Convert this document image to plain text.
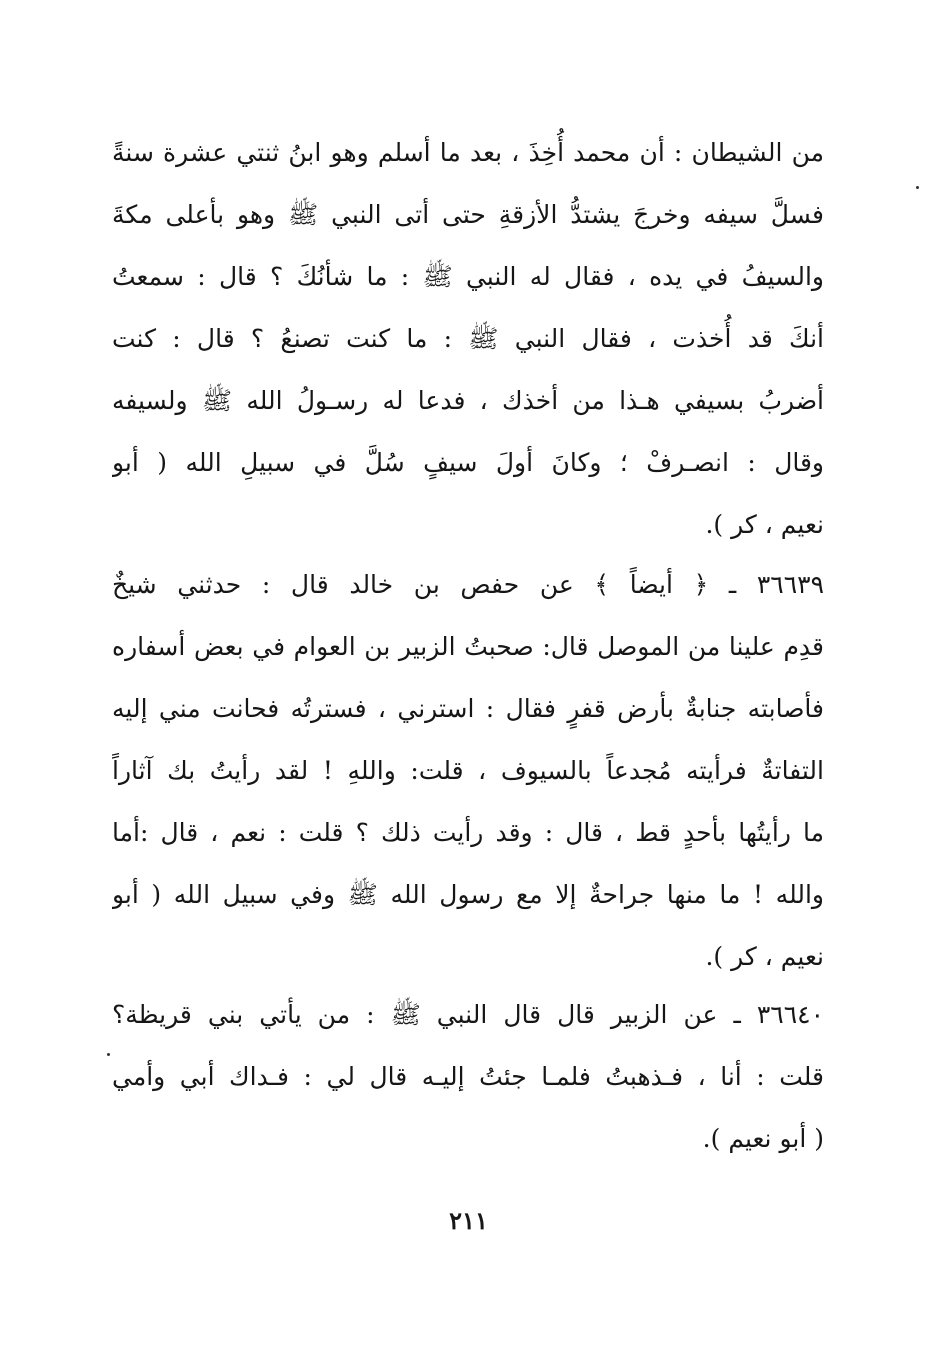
من الشيطان : أن محمد أُخِذَ ، بعد ما أسلم وهو ابنُ ثنتي عشرة سنةً
فسلَّ سيفه وخرجَ يشتدُّ الأزقةِ حتى أتى النبي ﷺ وهو بأعلى مكةَ
والسيفُ في يده ، فقال له النبي ﷺ : ما شأنُكَ ؟ قال : سمعتُ
أنكَ قد أُخذت ، فقال النبي ﷺ : ما كنت تصنعُ ؟ قال : كنت
أضربُ بسيفي هـذا من أخذك ، فدعا له رسـولُ الله ﷺ ولسيفه
وقال : انصـرفْ ؛ وكانَ أولَ سيفٍ سُلَّ في سبيلِ الله ( أبو
نعيم ، كر ).
٣٦٦٣٩ ـ ﴿ أيضاً ﴾ عن حفص بن خالد قال : حدثني شيخٌ
قدِم علينا من الموصل قال: صحبتُ الزبير بن العوام في بعض أسفاره
فأصابته جنابةٌ بأرض قفرٍ فقال : استرني ، فسترتُه فحانت مني إليه
التفاتةٌ فرأيته مُجدعاً بالسيوف ، قلت: واللهِ ! لقد رأيتُ بك آثاراً
ما رأيتُها بأحدٍ قط ، قال : وقد رأيت ذلك ؟ قلت : نعم ، قال :أما
والله ! ما منها جراحةٌ إلا مع رسول الله ﷺ وفي سبيل الله ( أبو
نعيم ، كر ).
٣٦٦٤٠ ـ عن الزبير قال قال النبي ﷺ : من يأتي بني قريظة؟
قلت : أنا ، فـذهبتُ فلمـا جئتُ إليـه قال لي : فـداك أبي وأمي
( أبو نعيم ).
٢١١
